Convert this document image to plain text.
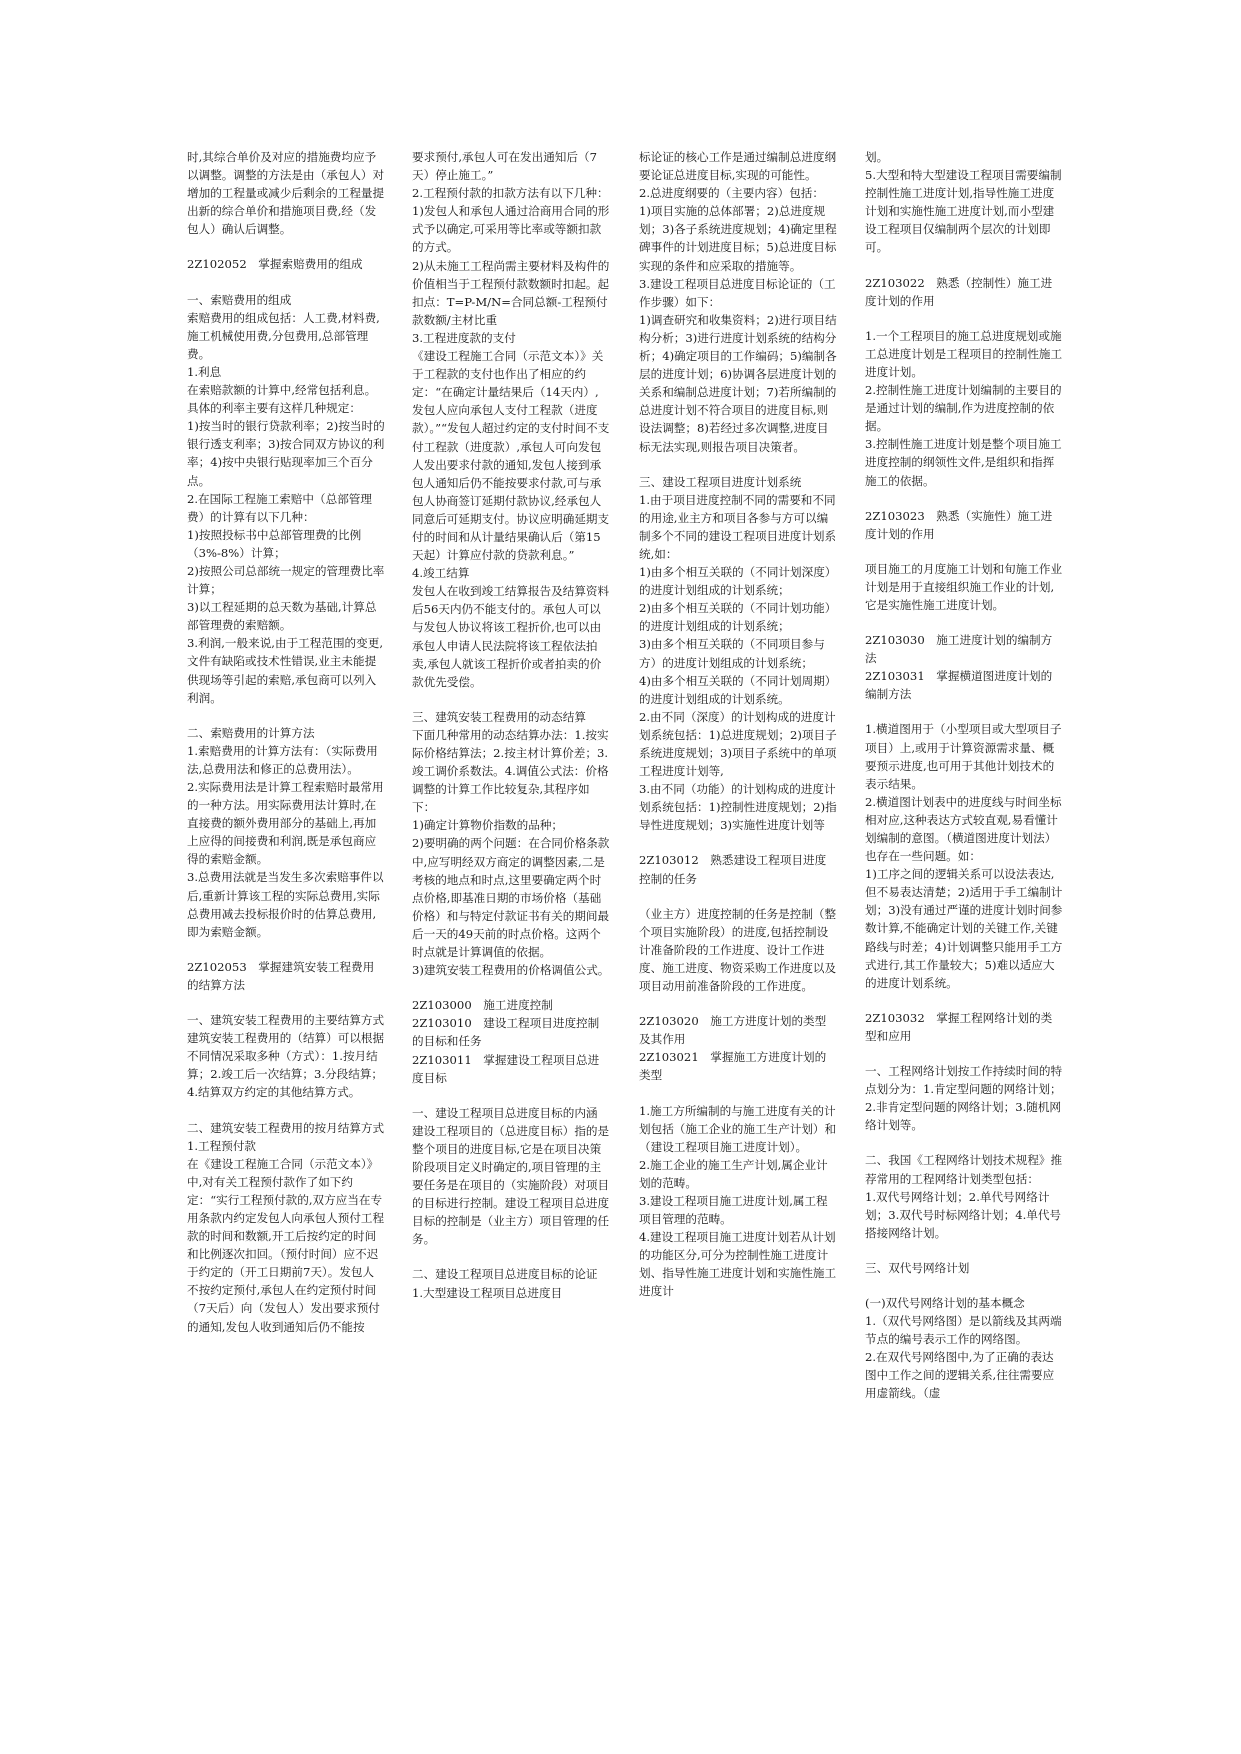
时,其综合单价及对应的措施费均应予以调整。调整的方法是由（承包人）对增加的工程量或减少后剩余的工程量提出新的综合单价和措施项目费,经（发包人）确认后调整。
2Z102052　掌握索赔费用的组成
一、索赔费用的组成
索赔费用的组成包括：人工费,材料费,施工机械使用费,分包费用,总部管理费。
1.利息
在索赔款额的计算中,经常包括利息。具体的利率主要有这样几种规定：
1)按当时的银行贷款利率；2)按当时的银行透支利率；3)按合同双方协议的利率；4)按中央银行贴现率加三个百分点。
2.在国际工程施工索赔中（总部管理费）的计算有以下几种：
1)按照投标书中总部管理费的比例（3%-8%）计算；
2)按照公司总部统一规定的管理费比率计算；
3)以工程延期的总天数为基础,计算总部管理费的索赔额。
3.利润,一般来说,由于工程范围的变更,文件有缺陷或技术性错误,业主未能提供现场等引起的索赔,承包商可以列入利润。
二、索赔费用的计算方法
1.索赔费用的计算方法有：（实际费用法,总费用法和修正的总费用法）。
2.实际费用法是计算工程索赔时最常用的一种方法。用实际费用法计算时,在直接费的额外费用部分的基础上,再加上应得的间接费和利润,既是承包商应得的索赔金额。
3.总费用法就是当发生多次索赔事件以后,重新计算该工程的实际总费用,实际总费用减去投标报价时的估算总费用,即为索赔金额。
2Z102053　掌握建筑安装工程费用的结算方法
一、建筑安装工程费用的主要结算方式
建筑安装工程费用的（结算）可以根据不同情况采取多种（方式）：1.按月结算；2.竣工后一次结算；3.分段结算；4.结算双方约定的其他结算方式。
二、建筑安装工程费用的按月结算方式
1.工程预付款
在《建设工程施工合同（示范文本）》中,对有关工程预付款作了如下约定：“实行工程预付款的,双方应当在专用条款内约定发包人向承包人预付工程款的时间和数额,开工后按约定的时间和比例逐次扣回。（预付时间）应不迟于约定的（开工日期前7天）。发包人不按约定预付,承包人在约定预付时间（7天后）向（发包人）发出要求预付的通知,发包人收到通知后仍不能按
要求预付,承包人可在发出通知后（7天）停止施工。”
2.工程预付款的扣款方法有以下几种：
1)发包人和承包人通过洽商用合同的形式予以确定,可采用等比率或等额扣款的方式。
2)从未施工工程尚需主要材料及构件的价值相当于工程预付款数额时扣起。起扣点：T=P-M/N=合同总额-工程预付款数额/主材比重
3.工程进度款的支付
《建设工程施工合同（示范文本）》关于工程款的支付也作出了相应的约定：“在确定计量结果后（14天内）,发包人应向承包人支付工程款（进度款）。”“发包人超过约定的支付时间不支付工程款（进度款）,承包人可向发包人发出要求付款的通知,发包人接到承包人通知后仍不能按要求付款,可与承包人协商签订延期付款协议,经承包人同意后可延期支付。协议应明确延期支付的时间和从计量结果确认后（第15天起）计算应付款的贷款利息。”
4.竣工结算
发包人在收到竣工结算报告及结算资料后56天内仍不能支付的。承包人可以与发包人协议将该工程折价,也可以由承包人申请人民法院将该工程依法拍卖,承包人就该工程折价或者拍卖的价款优先受偿。
三、建筑安装工程费用的动态结算
下面几种常用的动态结算办法：1.按实际价格结算法；2.按主材计算价差；3.竣工调价系数法。4.调值公式法：价格调整的计算工作比较复杂,其程序如下：
1)确定计算物价指数的品种；
2)要明确的两个问题：在合同价格条款中,应写明经双方商定的调整因素,二是考核的地点和时点,这里要确定两个时点价格,即基准日期的市场价格（基础价格）和与特定付款证书有关的期间最后一天的49天前的时点价格。这两个时点就是计算调值的依据。
3)建筑安装工程费用的价格调值公式。
2Z103000　施工进度控制
2Z103010　建设工程项目进度控制的目标和任务
2Z103011　掌握建设工程项目总进度目标
一、建设工程项目总进度目标的内涵
建设工程项目的（总进度目标）指的是整个项目的进度目标,它是在项目决策阶段项目定义时确定的,项目管理的主要任务是在项目的（实施阶段）对项目的目标进行控制。建设工程项目总进度目标的控制是（业主方）项目管理的任务。
二、建设工程项目总进度目标的论证
1.大型建设工程项目总进度目
标论证的核心工作是通过编制总进度纲要论证总进度目标,实现的可能性。
2.总进度纲要的（主要内容）包括：
1)项目实施的总体部署；2)总进度规划；3)各子系统进度规划；4)确定里程碑事件的计划进度目标；5)总进度目标实现的条件和应采取的措施等。
3.建设工程项目总进度目标论证的（工作步骤）如下：
1)调查研究和收集资料；2)进行项目结构分析；3)进行进度计划系统的结构分析；4)确定项目的工作编码；5)编制各层的进度计划；6)协调各层进度计划的关系和编制总进度计划；7)若所编制的总进度计划不符合项目的进度目标,则设法调整；8)若经过多次调整,进度目标无法实现,则报告项目决策者。
三、建设工程项目进度计划系统
1.由于项目进度控制不同的需要和不同的用途,业主方和项目各参与方可以编制多个不同的建设工程项目进度计划系统,如：
1)由多个相互关联的（不同计划深度）的进度计划组成的计划系统；
2)由多个相互关联的（不同计划功能）的进度计划组成的计划系统；
3)由多个相互关联的（不同项目参与方）的进度计划组成的计划系统；
4)由多个相互关联的（不同计划周期）的进度计划组成的计划系统。
2.由不同（深度）的计划构成的进度计划系统包括：1)总进度规划；2)项目子系统进度规划；3)项目子系统中的单项工程进度计划等,
3.由不同（功能）的计划构成的进度计划系统包括：1)控制性进度规划；2)指导性进度规划；3)实施性进度计划等
2Z103012　熟悉建设工程项目进度控制的任务
（业主方）进度控制的任务是控制（整个项目实施阶段）的进度,包括控制设计准备阶段的工作进度、设计工作进度、施工进度、物资采购工作进度以及项目动用前准备阶段的工作进度。
2Z103020　施工方进度计划的类型及其作用
2Z103021　掌握施工方进度计划的类型
1.施工方所编制的与施工进度有关的计划包括（施工企业的施工生产计划）和（建设工程项目施工进度计划）。
2.施工企业的施工生产计划,属企业计划的范畴。
3.建设工程项目施工进度计划,属工程项目管理的范畴。
4.建设工程项目施工进度计划若从计划的功能区分,可分为控制性施工进度计划、指导性施工进度计划和实施性施工进度计
划。
5.大型和特大型建设工程项目需要编制控制性施工进度计划,指导性施工进度计划和实施性施工进度计划,而小型建设工程项目仅编制两个层次的计划即可。
2Z103022　熟悉（控制性）施工进度计划的作用
1.一个工程项目的施工总进度规划或施工总进度计划是工程项目的控制性施工进度计划。
2.控制性施工进度计划编制的主要目的是通过计划的编制,作为进度控制的依据。
3.控制性施工进度计划是整个项目施工进度控制的纲领性文件,是组织和指挥施工的依据。
2Z103023　熟悉（实施性）施工进度计划的作用
项目施工的月度施工计划和旬施工作业计划是用于直接组织施工作业的计划,它是实施性施工进度计划。
2Z103030　施工进度计划的编制方法
2Z103031　掌握横道图进度计划的编制方法
1.横道图用于（小型项目或大型项目子项目）上,或用于计算资源需求量、概要预示进度,也可用于其他计划技术的表示结果。
2.横道图计划表中的进度线与时间坐标相对应,这种表达方式较直观,易看懂计划编制的意图。（横道图进度计划法）也存在一些问题。如：
1)工序之间的逻辑关系可以设法表达,但不易表达清楚；2)适用于手工编制计划；3)没有通过严谨的进度计划时间参数计算,不能确定计划的关键工作,关键路线与时差；4)计划调整只能用手工方式进行,其工作量较大；5)难以适应大的进度计划系统。
2Z103032　掌握工程网络计划的类型和应用
一、工程网络计划按工作持续时间的特点划分为：1.肯定型问题的网络计划；2.非肯定型问题的网络计划；3.随机网络计划等。
二、我国《工程网络计划技术规程》推荐常用的工程网络计划类型包括：
1.双代号网络计划；2.单代号网络计划；3.双代号时标网络计划；4.单代号搭接网络计划。
三、双代号网络计划
(一)双代号网络计划的基本概念
1.（双代号网络图）是以箭线及其两端节点的编号表示工作的网络图。
2.在双代号网络图中,为了正确的表达图中工作之间的逻辑关系,往往需要应用虚箭线。（虚
